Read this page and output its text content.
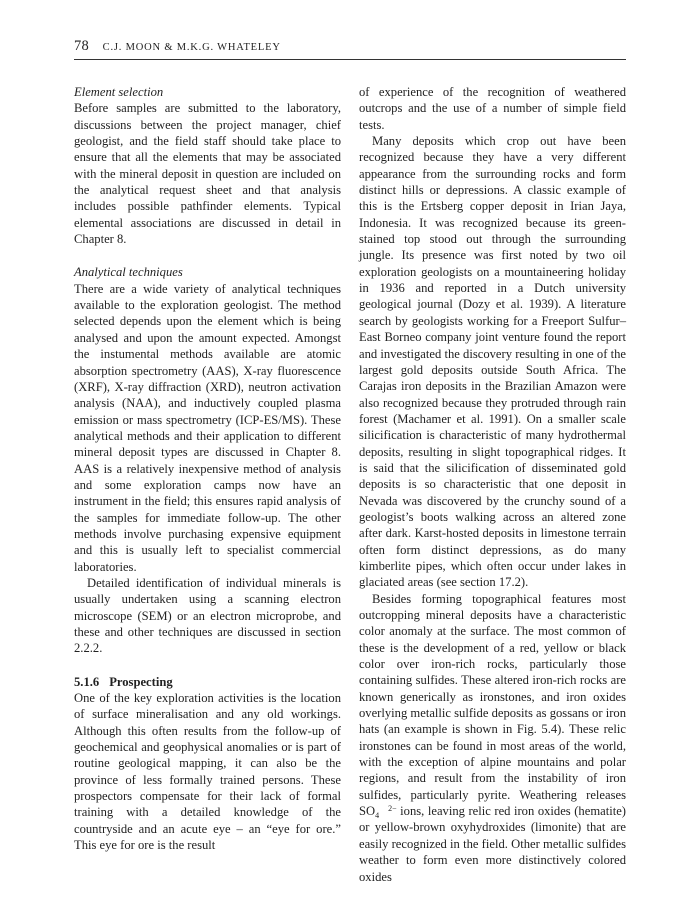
78 C.J. MOON & M.K.G. WHATELEY

Element selection

Before samples are submitted to the laboratory, discussions between the project manager, chief geologist, and the field staff should take place to ensure that all the elements that may be associated with the mineral deposit in question are included on the analytical request sheet and that analysis includes possible pathfinder elements. Typical elemental associations are discussed in detail in Chapter 8.

Analytical techniques

There are a wide variety of analytical techniques available to the exploration geologist. The method selected depends upon the element which is being analysed and upon the amount expected. Amongst the instumental methods available are atomic absorption spectrometry (AAS), X-ray fluorescence (XRF), X-ray diffraction (XRD), neutron activation analysis (NAA), and inductively coupled plasma emission or mass spectrometry (ICP-ES/MS). These analytical methods and their application to different mineral deposit types are discussed in Chapter 8. AAS is a relatively inexpensive method of analysis and some exploration camps now have an instrument in the field; this ensures rapid analysis of the samples for immediate follow-up. The other methods involve purchasing expensive equipment and this is usually left to specialist commercial laboratories.

Detailed identification of individual minerals is usually undertaken using a scanning electron microscope (SEM) or an electron microprobe, and these and other techniques are discussed in section 2.2.2.

5.1.6 Prospecting

One of the key exploration activities is the location of surface mineralisation and any old workings. Although this often results from the follow-up of geochemical and geophysical anomalies or is part of routine geological mapping, it can also be the province of less formally trained persons. These prospectors compensate for their lack of formal training with a detailed knowledge of the countryside and an acute eye – an “eye for ore.” This eye for ore is the result

of experience of the recognition of weathered outcrops and the use of a number of simple field tests.

Many deposits which crop out have been recognized because they have a very different appearance from the surrounding rocks and form distinct hills or depressions. A classic example of this is the Ertsberg copper deposit in Irian Jaya, Indonesia. It was recognized because its green-stained top stood out through the surrounding jungle. Its presence was first noted by two oil exploration geologists on a mountaineering holiday in 1936 and reported in a Dutch university geological journal (Dozy et al. 1939). A literature search by geologists working for a Freeport Sulfur–East Borneo company joint venture found the report and investigated the discovery resulting in one of the largest gold deposits outside South Africa. The Carajas iron deposits in the Brazilian Amazon were also recognized because they protruded through rain forest (Machamer et al. 1991). On a smaller scale silicification is characteristic of many hydrothermal deposits, resulting in slight topographical ridges. It is said that the silicification of disseminated gold deposits is so characteristic that one deposit in Nevada was discovered by the crunchy sound of a geologist’s boots walking across an altered zone after dark. Karst-hosted deposits in limestone terrain often form distinct depressions, as do many kimberlite pipes, which often occur under lakes in glaciated areas (see section 17.2).

Besides forming topographical features most outcropping mineral deposits have a characteristic color anomaly at the surface. The most common of these is the development of a red, yellow or black color over iron-rich rocks, particularly those containing sulfides. These altered iron-rich rocks are known generically as ironstones, and iron oxides overlying metallic sulfide deposits as gossans or iron hats (an example is shown in Fig. 5.4). These relic ironstones can be found in most areas of the world, with the exception of alpine mountains and polar regions, and result from the instability of iron sulfides, particularly pyrite. Weathering releases SO 2−
4 ions, leaving relic red iron oxides (hematite) or yellow-brown oxyhydroxides (limonite) that are easily recognized in the field. Other metallic sulfides weather to form even more distinctively colored oxides
